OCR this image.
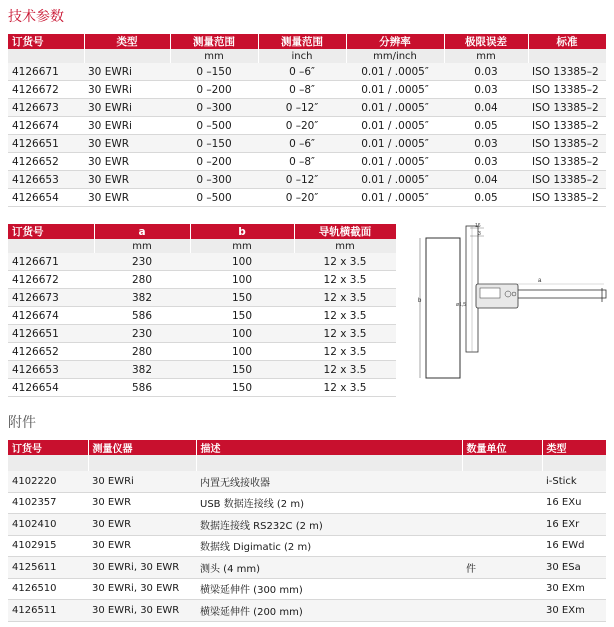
技术参数
订货号	类型	测量范围	测量范围	分辨率	极限误差	标准
		mm	inch	mm/inch	mm	
4126671	30 EWRi	0 –150	0 –6″	0.01 / .0005″	0.03	ISO 13385–2
4126672	30 EWRi	0 –200	0 –8″	0.01 / .0005″	0.03	ISO 13385–2
4126673	30 EWRi	0 –300	0 –12″	0.01 / .0005″	0.04	ISO 13385–2
4126674	30 EWRi	0 –500	0 –20″	0.01 / .0005″	0.05	ISO 13385–2
4126651	30 EWR	0 –150	0 –6″	0.01 / .0005″	0.03	ISO 13385–2
4126652	30 EWR	0 –200	0 –8″	0.01 / .0005″	0.03	ISO 13385–2
4126653	30 EWR	0 –300	0 –12″	0.01 / .0005″	0.04	ISO 13385–2
4126654	30 EWR	0 –500	0 –20″	0.01 / .0005″	0.05	ISO 13385–2
订货号	a	b	导轨横截面
	mm	mm	mm
4126671	230	100	12 x 3.5
4126672	280	100	12 x 3.5
4126673	382	150	12 x 3.5
4126674	586	150	12 x 3.5
4126651	230	100	12 x 3.5
4126652	280	100	12 x 3.5
4126653	382	150	12 x 3.5
4126654	586	150	12 x 3.5
b
16
3
ø1,5
a
附件
订货号	测量仪器	描述	数量单位	类型

4102220	30 EWRi	内置无线接收器		i-Stick
4102357	30 EWR	USB 数据连接线 (2 m)		16 EXu
4102410	30 EWR	数据连接线 RS232C (2 m)		16 EXr
4102915	30 EWR	数据线 Digimatic (2 m)		16 EWd
4125611	30 EWRi, 30 EWR	测头 (4 mm)	件	30 ESa
4126510	30 EWRi, 30 EWR	横梁延伸件 (300 mm)		30 EXm
4126511	30 EWRi, 30 EWR	横梁延伸件 (200 mm)		30 EXm
